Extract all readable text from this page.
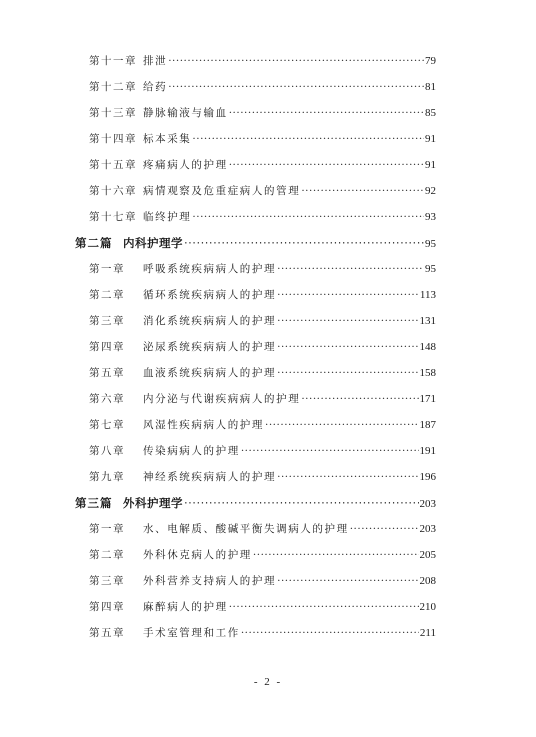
第十一章 排泄 ·····	79
第十二章 给药 ·····	81
第十三章 静脉输液与输血 ·····	85
第十四章 标本采集 ·····	91
第十五章 疼痛病人的护理 ·····	91
第十六章 病情观察及危重症病人的管理 ·····	92
第十七章 临终护理 ·····	93
第二篇 内科护理学 ·····	95
第一章	呼吸系统疾病病人的护理 ·····	95
第二章	循环系统疾病病人的护理 ·····	113
第三章	消化系统疾病病人的护理 ·····	131
第四章	泌尿系统疾病病人的护理 ·····	148
第五章	血液系统疾病病人的护理 ·····	158
第六章	内分泌与代谢疾病病人的护理 ·····	171
第七章	风湿性疾病病人的护理 ·····	187
第八章	传染病病人的护理 ·····	191
第九章	神经系统疾病病人的护理 ·····	196
第三篇 外科护理学 ·····	203
第一章	水、电解质、酸碱平衡失调病人的护理 ·····	203
第二章	外科休克病人的护理 ·····	205
第三章	外科营养支持病人的护理 ·····	208
第四章	麻醉病人的护理 ·····	210
第五章	手术室管理和工作 ·····	211
- 2 -
